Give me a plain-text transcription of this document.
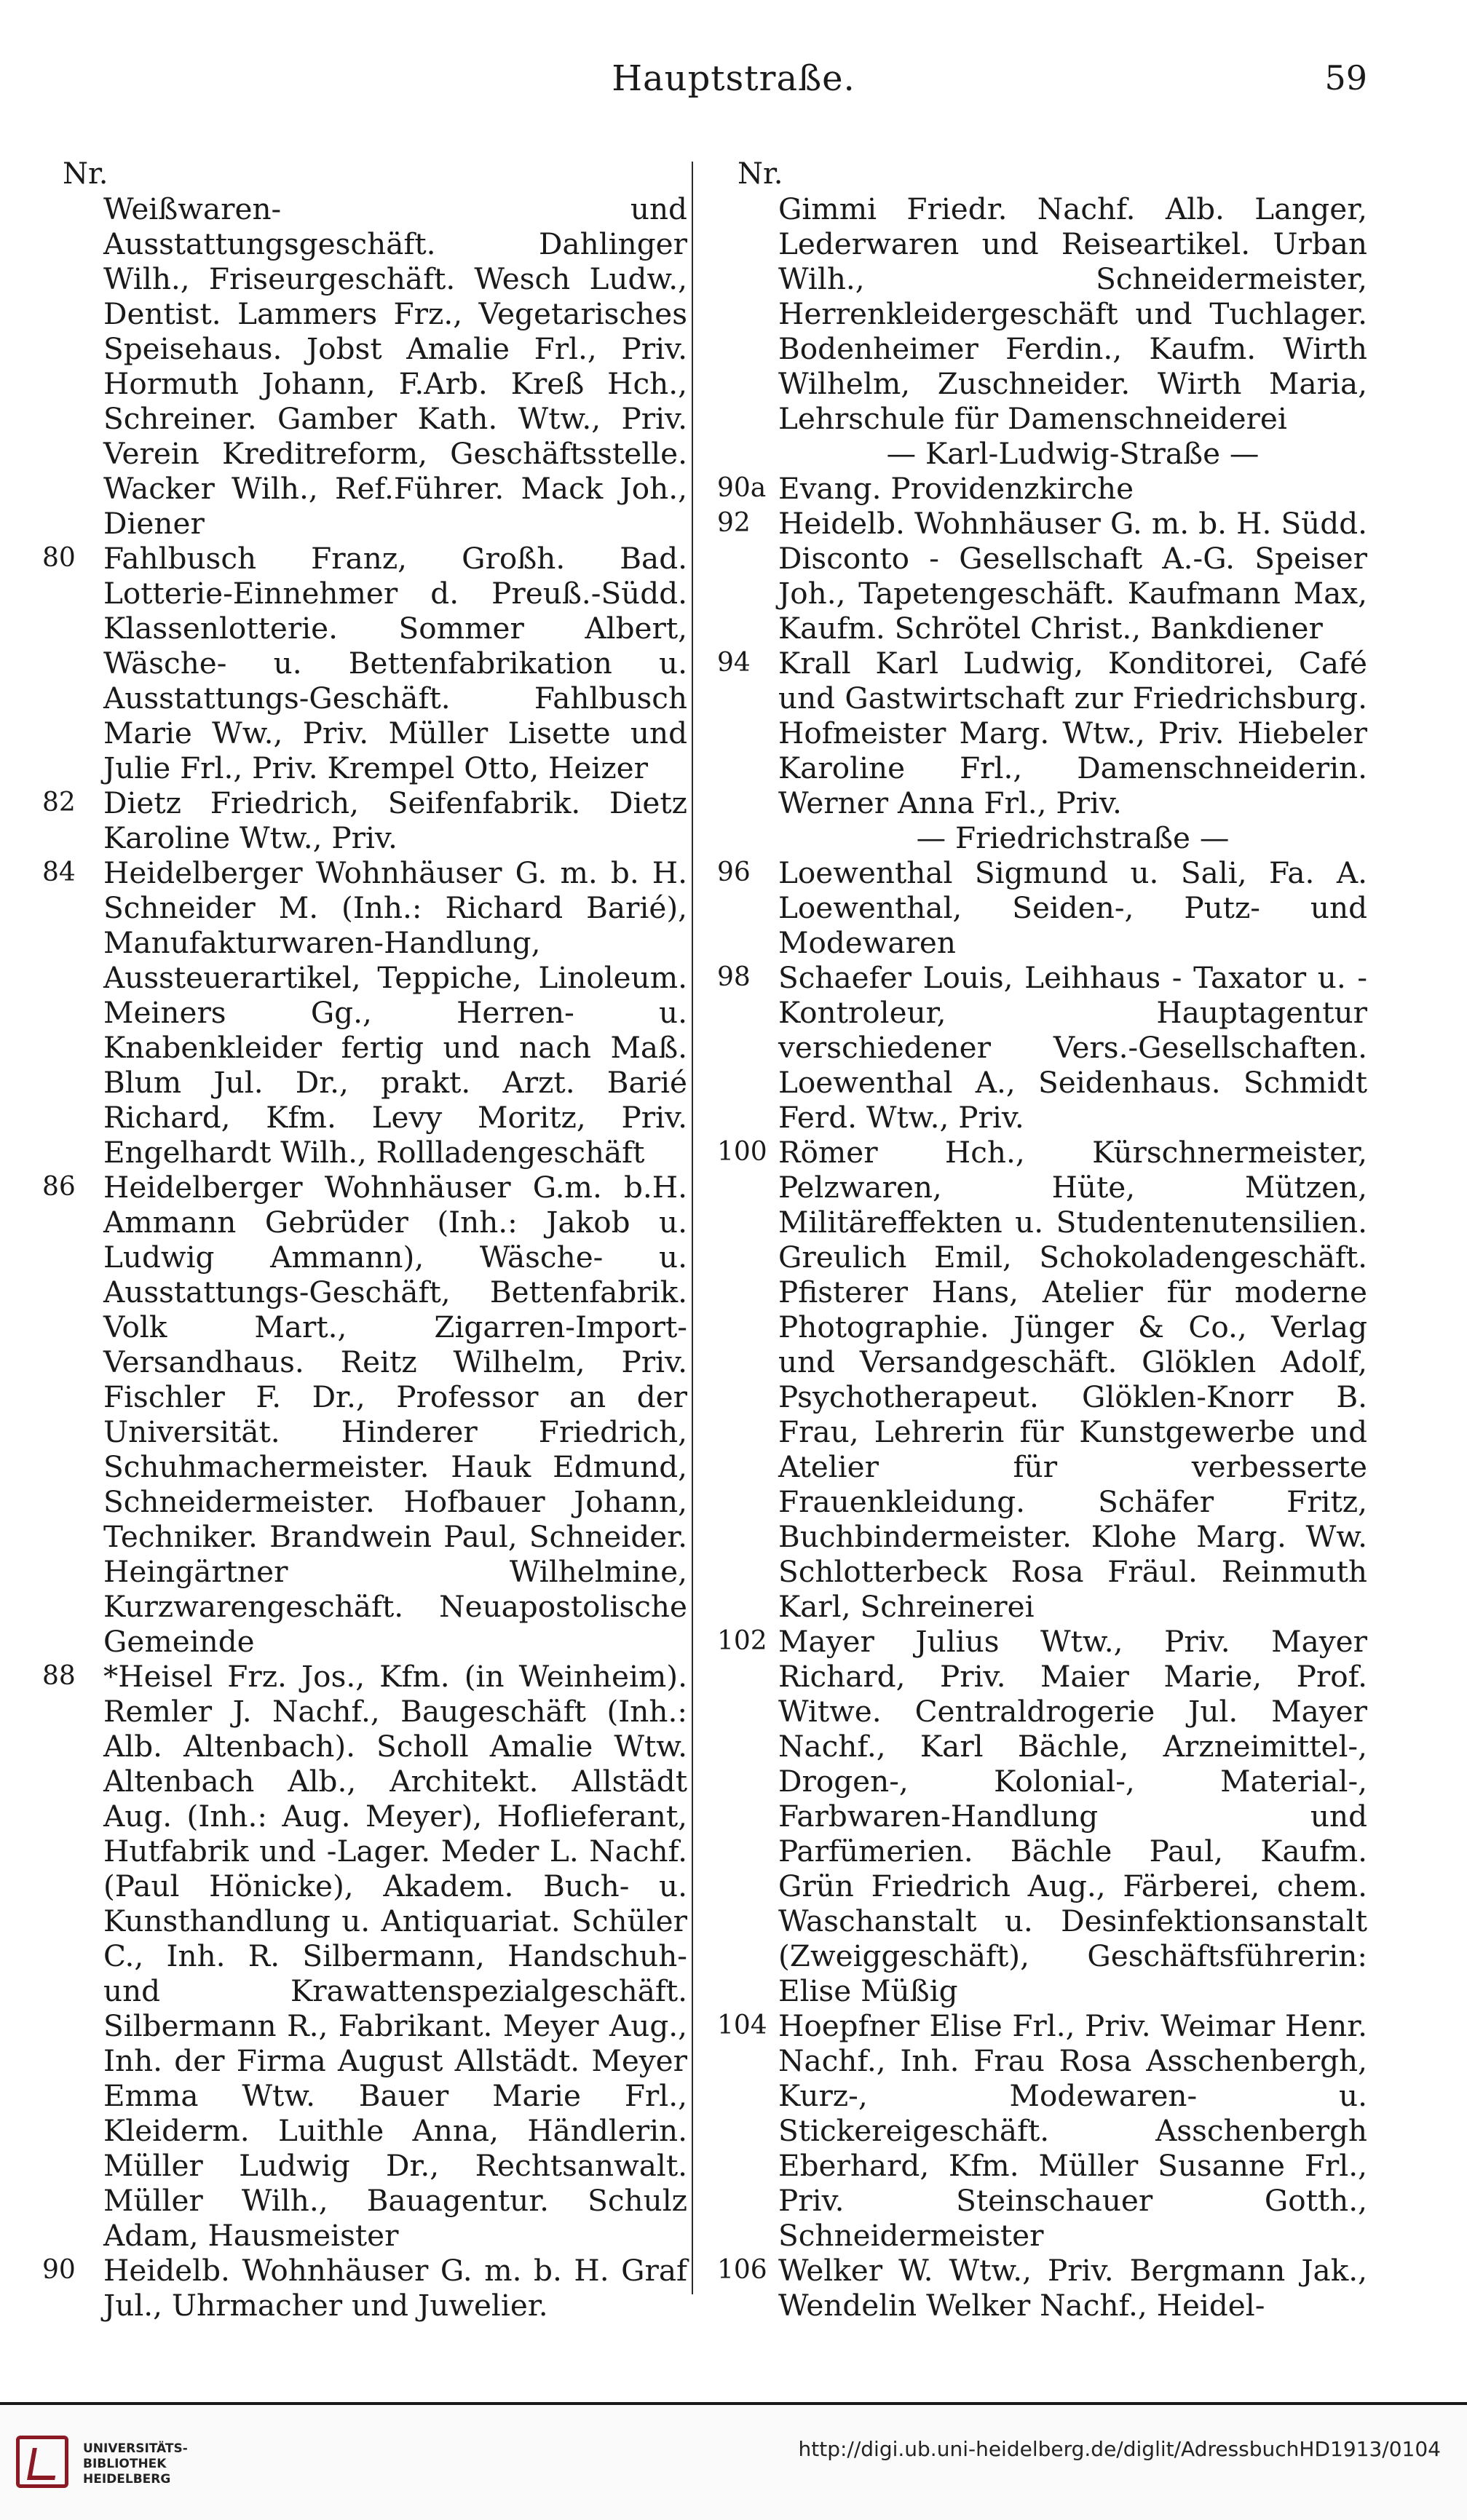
Hauptstraße.	59
Nr.
Weißwaren- und Ausstattungsgeschäft. Dahlinger Wilh., Friseurgeschäft. Wesch Ludw., Dentist. Lammers Frz., Vegetarisches Speisehaus. Jobst Amalie Frl., Priv. Hormuth Johann, F.Arb. Kreß Hch., Schreiner. Gamber Kath. Wtw., Priv. Verein Kreditreform, Geschäftsstelle. Wacker Wilh., Ref.Führer. Mack Joh., Diener
80 Fahlbusch Franz, Großh. Bad. Lotterie-Einnehmer d. Preuß.-Südd. Klassenlotterie. Sommer Albert, Wäsche- u. Bettenfabrikation u. Ausstattungs-Geschäft. Fahlbusch Marie Ww., Priv. Müller Lisette und Julie Frl., Priv. Krempel Otto, Heizer
82 Dietz Friedrich, Seifenfabrik. Dietz Karoline Wtw., Priv.
84 Heidelberger Wohnhäuser G. m. b. H. Schneider M. (Inh.: Richard Barié), Manufakturwaren-Handlung, Aussteuerartikel, Teppiche, Linoleum. Meiners Gg., Herren- u. Knabenkleider fertig und nach Maß. Blum Jul. Dr., prakt. Arzt. Barié Richard, Kfm. Levy Moritz, Priv. Engelhardt Wilh., Rollladengeschäft
86 Heidelberger Wohnhäuser G.m. b.H. Ammann Gebrüder (Inh.: Jakob u. Ludwig Ammann), Wäsche- u. Ausstattungs-Geschäft, Bettenfabrik. Volk Mart., Zigarren-Import-Versandhaus. Reitz Wilhelm, Priv. Fischler F. Dr., Professor an der Universität. Hinderer Friedrich, Schuhmachermeister. Hauk Edmund, Schneidermeister. Hofbauer Johann, Techniker. Brandwein Paul, Schneider. Heingärtner Wilhelmine, Kurzwarengeschäft. Neuapostolische Gemeinde
88 *Heisel Frz. Jos., Kfm. (in Weinheim). Remler J. Nachf., Baugeschäft (Inh.: Alb. Altenbach). Scholl Amalie Wtw. Altenbach Alb., Architekt. Allstädt Aug. (Inh.: Aug. Meyer), Hoflieferant, Hutfabrik und -Lager. Meder L. Nachf. (Paul Hönicke), Akadem. Buch- u. Kunsthandlung u. Antiquariat. Schüler C., Inh. R. Silbermann, Handschuh- und Krawattenspezialgeschäft. Silbermann R., Fabrikant. Meyer Aug., Inh. der Firma August Allstädt. Meyer Emma Wtw. Bauer Marie Frl., Kleiderm. Luithle Anna, Händlerin. Müller Ludwig Dr., Rechtsanwalt. Müller Wilh., Bauagentur. Schulz Adam, Hausmeister
90 Heidelb. Wohnhäuser G. m. b. H. Graf Jul., Uhrmacher und Juwelier.
Nr.
Gimmi Friedr. Nachf. Alb. Langer, Lederwaren und Reiseartikel. Urban Wilh., Schneidermeister, Herrenkleidergeschäft und Tuchlager. Bodenheimer Ferdin., Kaufm. Wirth Wilhelm, Zuschneider. Wirth Maria, Lehrschule für Damenschneiderei
— Karl-Ludwig-Straße —
90a Evang. Providenzkirche
92 Heidelb. Wohnhäuser G. m. b. H. Südd. Disconto - Gesellschaft A.-G. Speiser Joh., Tapetengeschäft. Kaufmann Max, Kaufm. Schrötel Christ., Bankdiener
94 Krall Karl Ludwig, Konditorei, Café und Gastwirtschaft zur Friedrichsburg. Hofmeister Marg. Wtw., Priv. Hiebeler Karoline Frl., Damenschneiderin. Werner Anna Frl., Priv.
— Friedrichstraße —
96 Loewenthal Sigmund u. Sali, Fa. A. Loewenthal, Seiden-, Putz- und Modewaren
98 Schaefer Louis, Leihhaus - Taxator u. -Kontroleur, Hauptagentur verschiedener Vers.-Gesellschaften. Loewenthal A., Seidenhaus. Schmidt Ferd. Wtw., Priv.
100 Römer Hch., Kürschnermeister, Pelzwaren, Hüte, Mützen, Militäreffekten u. Studentenutensilien. Greulich Emil, Schokoladengeschäft. Pfisterer Hans, Atelier für moderne Photographie. Jünger & Co., Verlag und Versandgeschäft. Glöklen Adolf, Psychotherapeut. Glöklen-Knorr B. Frau, Lehrerin für Kunstgewerbe und Atelier für verbesserte Frauenkleidung. Schäfer Fritz, Buchbindermeister. Klohe Marg. Ww. Schlotterbeck Rosa Fräul. Reinmuth Karl, Schreinerei
102 Mayer Julius Wtw., Priv. Mayer Richard, Priv. Maier Marie, Prof. Witwe. Centraldrogerie Jul. Mayer Nachf., Karl Bächle, Arzneimittel-, Drogen-, Kolonial-, Material-, Farbwaren-Handlung und Parfümerien. Bächle Paul, Kaufm. Grün Friedrich Aug., Färberei, chem. Waschanstalt u. Desinfektionsanstalt (Zweiggeschäft), Geschäftsführerin: Elise Müßig
104 Hoepfner Elise Frl., Priv. Weimar Henr. Nachf., Inh. Frau Rosa Asschenbergh, Kurz-, Modewaren- u. Stickereigeschäft. Asschenbergh Eberhard, Kfm. Müller Susanne Frl., Priv. Steinschauer Gotth., Schneidermeister
106 Welker W. Wtw., Priv. Bergmann Jak., Wendelin Welker Nachf., Heidel-
UNIVERSITÄTS-
BIBLIOTHEK
HEIDELBERG
http://digi.ub.uni-heidelberg.de/diglit/AdressbuchHD1913/0104
